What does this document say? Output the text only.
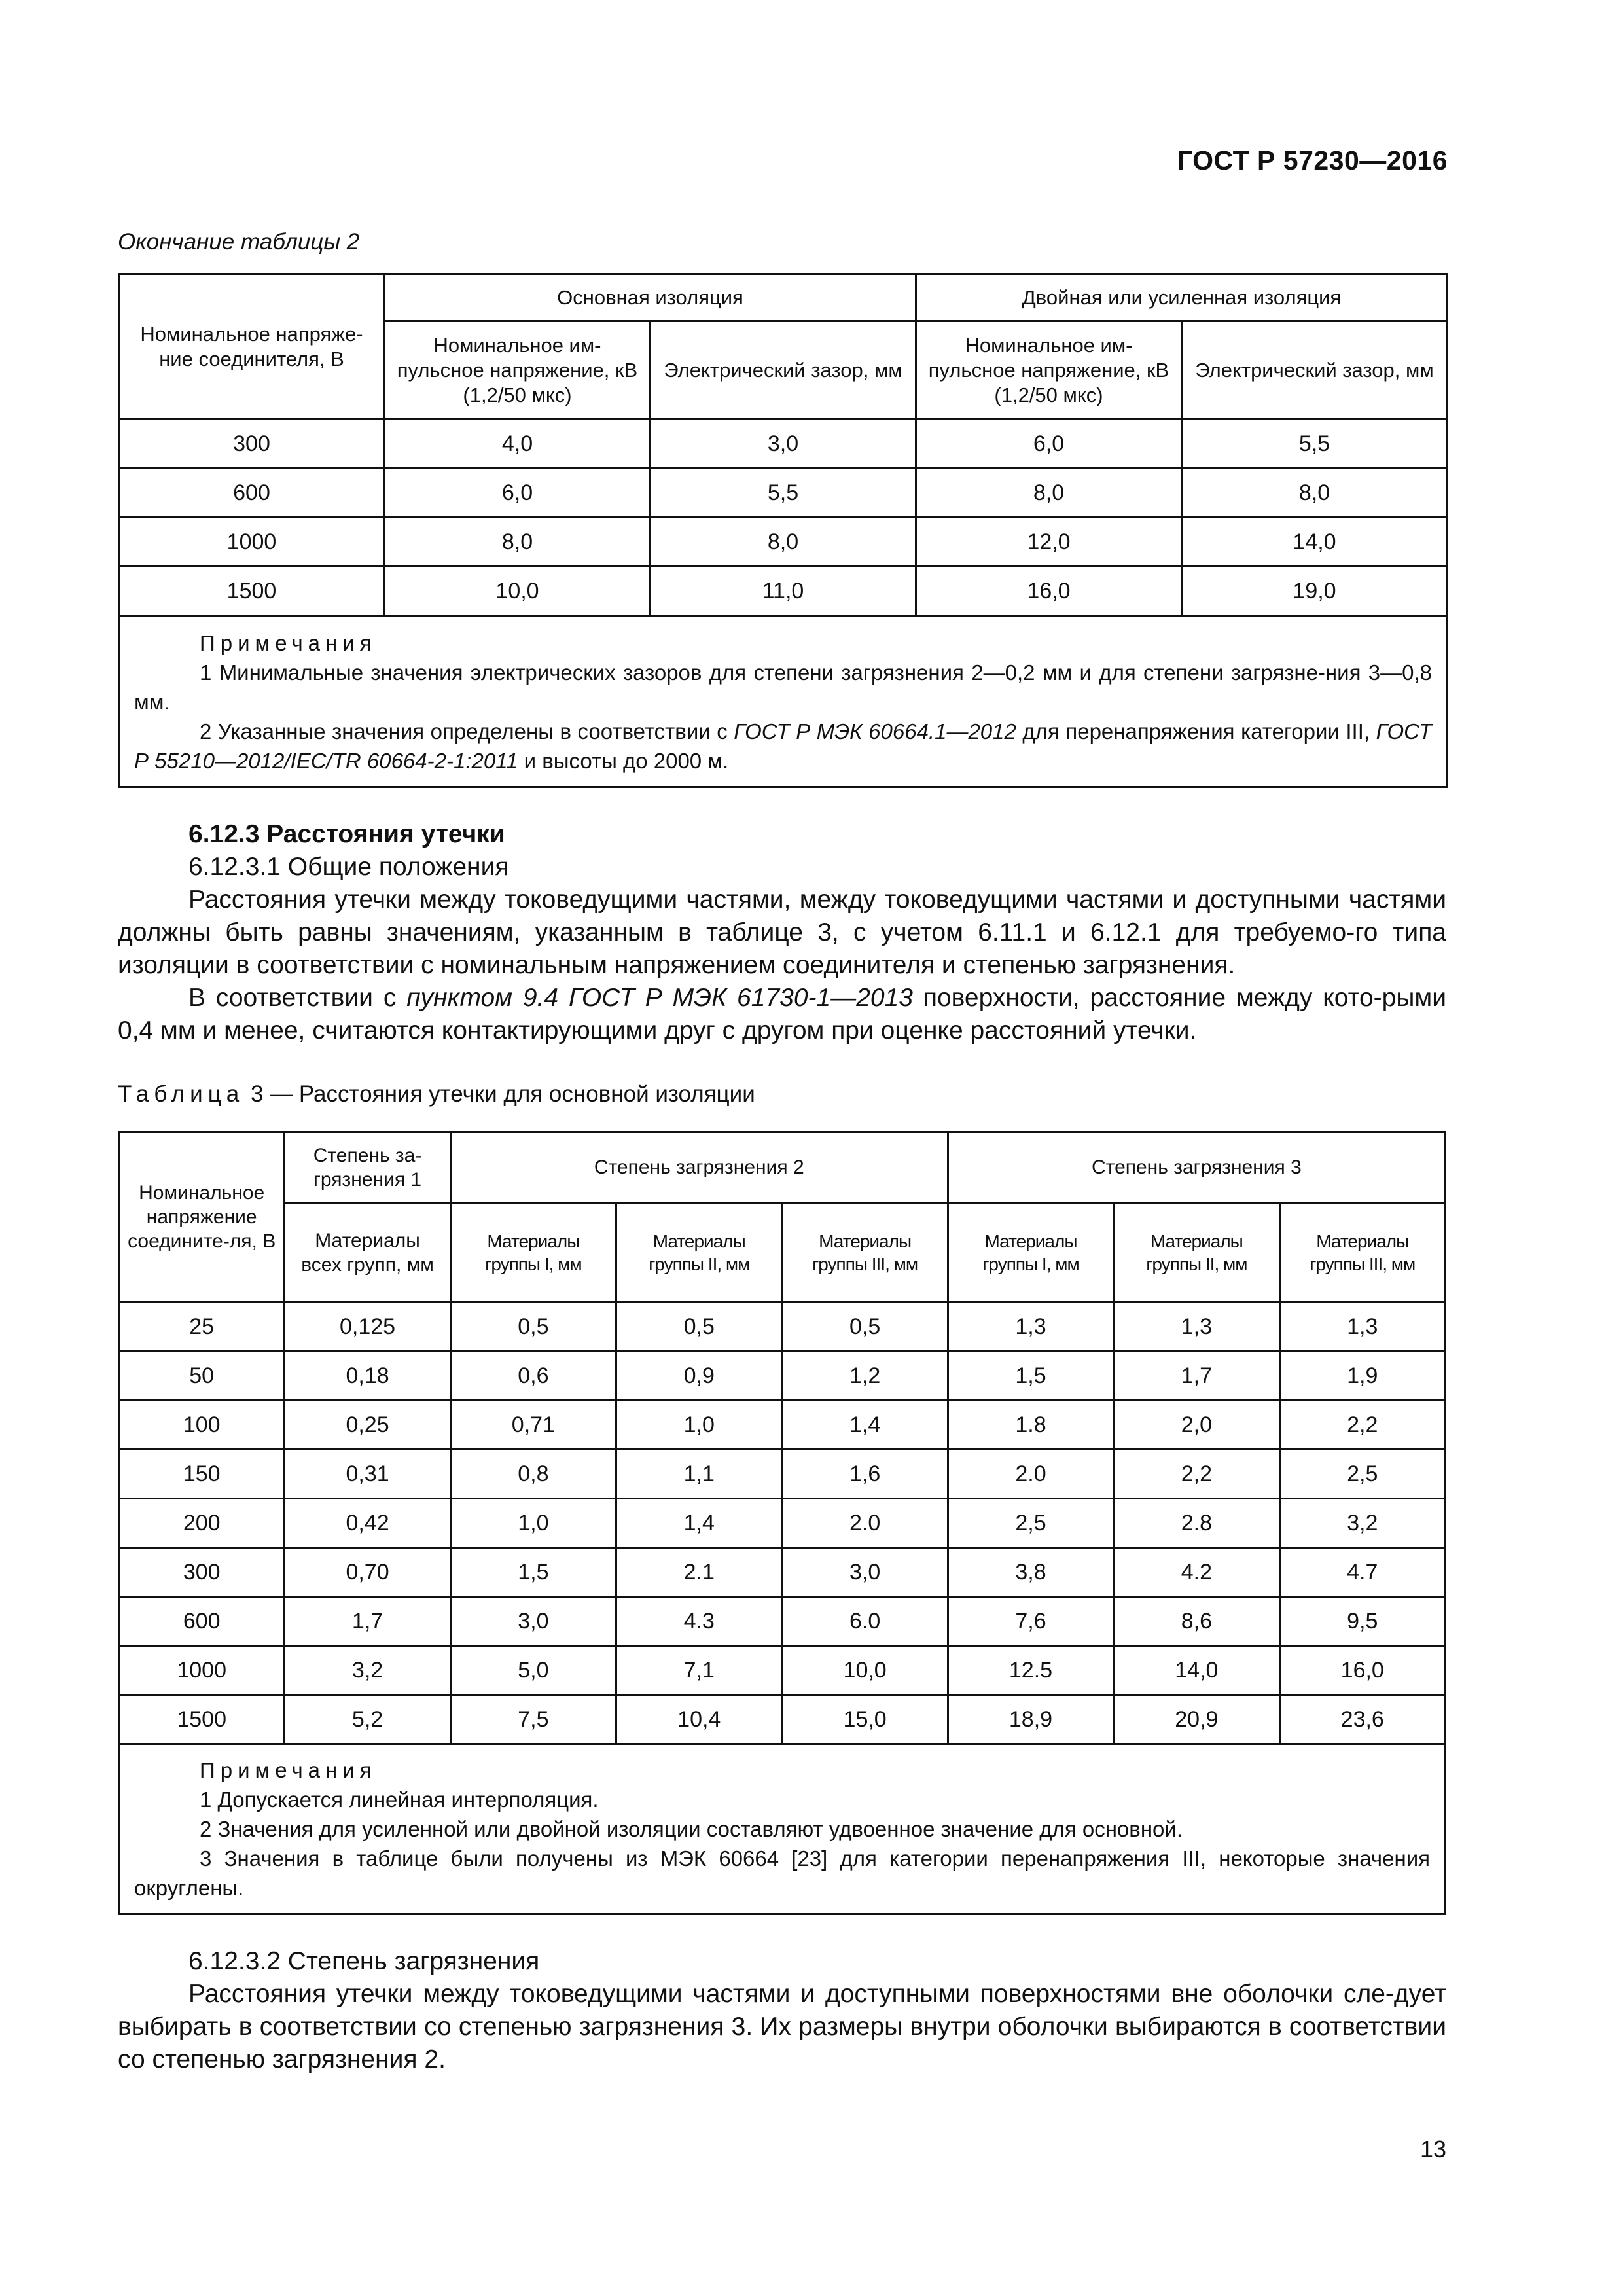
ГОСТ Р 57230—2016
Окончание таблицы 2
Номинальное напряже-ние соединителя, В	Основная изоляция		Двойная или усиленная изоляция	
	Номинальное им-пульсное напряжение, кВ (1,2/50 мкс)	Электрический зазор, мм	Номинальное им-пульсное напряжение, кВ (1,2/50 мкс)	Электрический зазор, мм
300	4,0	3,0	6,0	5,5
600	6,0	5,5	8,0	8,0
1000	8,0	8,0	12,0	14,0
1500	10,0	11,0	16,0	19,0

Примечания

1 Минимальные значения электрических зазоров для степени загрязнения 2—0,2 мм и для степени загрязне-ния 3—0,8 мм.

2 Указанные значения определены в соответствии с ГОСТ Р МЭК 60664.1—2012 для перенапряжения категории III, ГОСТ Р 55210—2012/IEC/TR 60664-2-1:2011 и высоты до 2000 м.				

6.12.3 Расстояния утечки

6.12.3.1 Общие положения

Расстояния утечки между токоведущими частями, между токоведущими частями и доступными частями должны быть равны значениям, указанным в таблице 3, с учетом 6.11.1 и 6.12.1 для требуемо-го типа изоляции в соответствии с номинальным напряжением соединителя и степенью загрязнения.

В соответствии с пунктом 9.4 ГОСТ Р МЭК 61730-1—2013 поверхности, расстояние между кото-рыми 0,4 мм и менее, считаются контактирующими друг с другом при оценке расстояний утечки.

Таблица 3 — Расстояния утечки для основной изоляции
Номинальное напряжение соедините-ля, В	Степень за-грязнения 1	Степень загрязнения 2			Степень загрязнения 3		
	Материалы всех групп, мм	Материалы группы I, мм	Материалы группы II, мм	Материалы группы III, мм	Материалы группы I, мм	Материалы группы II, мм	Материалы группы III, мм
25	0,125	0,5	0,5	0,5	1,3	1,3	1,3
50	0,18	0,6	0,9	1,2	1,5	1,7	1,9
100	0,25	0,71	1,0	1,4	1.8	2,0	2,2
150	0,31	0,8	1,1	1,6	2.0	2,2	2,5
200	0,42	1,0	1,4	2.0	2,5	2.8	3,2
300	0,70	1,5	2.1	3,0	3,8	4.2	4.7
600	1,7	3,0	4.3	6.0	7,6	8,6	9,5
1000	3,2	5,0	7,1	10,0	12.5	14,0	16,0
1500	5,2	7,5	10,4	15,0	18,9	20,9	23,6

Примечания

1 Допускается линейная интерполяция.

2 Значения для усиленной или двойной изоляции составляют удвоенное значение для основной.

3 Значения в таблице были получены из МЭК 60664 [23] для категории перенапряжения III, некоторые значения округлены.							

6.12.3.2 Степень загрязнения

Расстояния утечки между токоведущими частями и доступными поверхностями вне оболочки сле-дует выбирать в соответствии со степенью загрязнения 3. Их размеры внутри оболочки выбираются в соответствии со степенью загрязнения 2.

13
